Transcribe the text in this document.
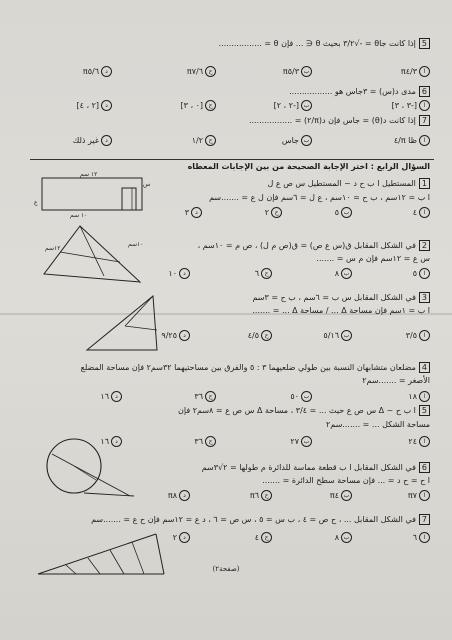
5إذا كانت جاθ = ‏-‏√٣/٢ بحيث θ ∈ ... فإن θ = .................
اπ٤/٣
بπ٥/٣
حπ٧/٦
دπ٥/٦
6مدى د(س) = ٣جاس هو .................
ا[-٣ ، ٣]
ب[-٢ ، ٢]
ح[٠ ، ٣]
د[٢ ، ٤]
7إذا كانت د(θ) = جاس فإن د(π/٢) = .................
اظا π/٤
بجاس
ح١/٢
دغير ذلك
السؤال الرابع : اختر الإجابة الصحيحة من بين الإجابات المعطاه
1المستطيل ا ب ح د ~ المستطيل س ص ع ل
ا ب = ١٢سم ، ب ح = ١٠سم ، ع ل = ٦سم فإن ل ع = .......سم
ا٤
ب٥
ح٢
د٣
١٢ سم
١٠ سم
س
ع
2في الشكل المقابل ق(س ع ص) = ق(ص م ل) ، ص م = ١٠سم ،
س ع = ١٢سم فإن م س = .......
ا٥
ب٨
ح٦
د١٠
١٢سم
١٠سم
3في الشكل المقابل س ب = ٦سم ، ب ح = ٣سم
ا ب = ١سم فإن مساحة Δ ... / مساحة Δ ... = .......
ا٣/٥
ب٥/١٦
ح٤/٥
د٩/٢٥
4مضلعان متشابهان النسبة بين طولي ضلعيهما ٣ : ٥ والفرق بين مساحتيهما ٣٢سم٢ فإن مساحة المضلع
الأصغر = .......سم٢
ا١٨
ب٥٠
ح٣٦
د١٦
5ا ب ح ~ Δ س ص ع حيث ... = ٣/٤ ، مساحة Δ س ص ع = ٨سم٢ فإن
مساحة الشكل ... = .......سم٢
ا٢٤
ب٢٧
ح٣٦
د١٦
6في الشكل المقابل ا ب قطعة مماسة للدائرة م طولها = ٢√٣سم
ا ح = ح د = ... فإن مساحة سطح الدائرة = .......
اπ٧
بπ٤
حπ٦
دπ٨
7في الشكل المقابل ... ، ح ص = ٤ ، ب س = ٥ ، س ص = ٦ ، د ع = ١٢سم فإن ح ع = .......سم
ا٦
ب٨
ح٤
د٢
(صفحة٢)
